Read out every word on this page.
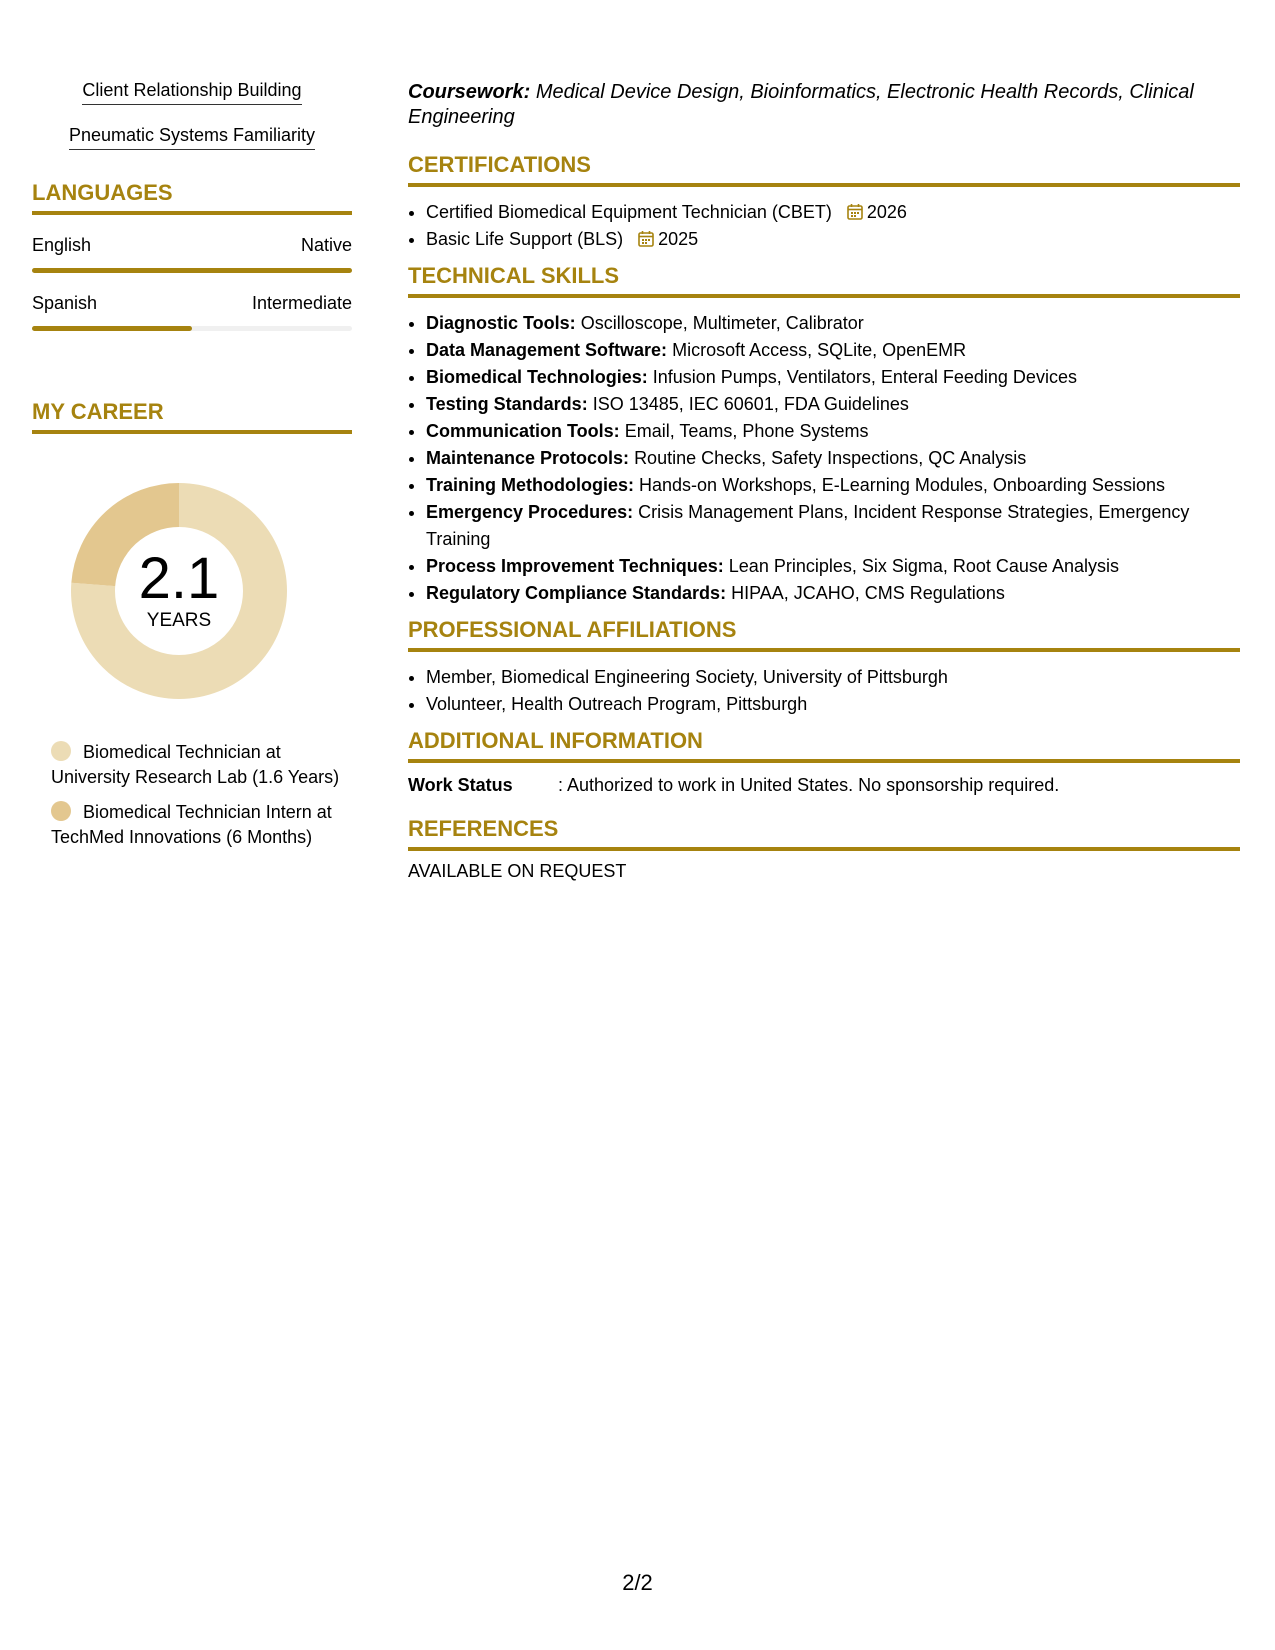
Client Relationship Building
Pneumatic Systems Familiarity
LANGUAGES
English	Native
Spanish	Intermediate
MY CAREER
2.1
YEARS
Biomedical Technician at University Research Lab (1.6 Years)
Biomedical Technician Intern at TechMed Innovations (6 Months)
Coursework: Medical Device Design, Bioinformatics, Electronic Health Records, Clinical Engineering
CERTIFICATIONS
• Certified Biomedical Equipment Technician (CBET) 2026
• Basic Life Support (BLS) 2025
TECHNICAL SKILLS
• Diagnostic Tools: Oscilloscope, Multimeter, Calibrator
• Data Management Software: Microsoft Access, SQLite, OpenEMR
• Biomedical Technologies: Infusion Pumps, Ventilators, Enteral Feeding Devices
• Testing Standards: ISO 13485, IEC 60601, FDA Guidelines
• Communication Tools: Email, Teams, Phone Systems
• Maintenance Protocols: Routine Checks, Safety Inspections, QC Analysis
• Training Methodologies: Hands-on Workshops, E-Learning Modules, Onboarding Sessions
• Emergency Procedures: Crisis Management Plans, Incident Response Strategies, Emergency Training
• Process Improvement Techniques: Lean Principles, Six Sigma, Root Cause Analysis
• Regulatory Compliance Standards: HIPAA, JCAHO, CMS Regulations
PROFESSIONAL AFFILIATIONS
• Member, Biomedical Engineering Society, University of Pittsburgh
• Volunteer, Health Outreach Program, Pittsburgh
ADDITIONAL INFORMATION
Work Status	: Authorized to work in United States. No sponsorship required.
REFERENCES
AVAILABLE ON REQUEST
2/2
